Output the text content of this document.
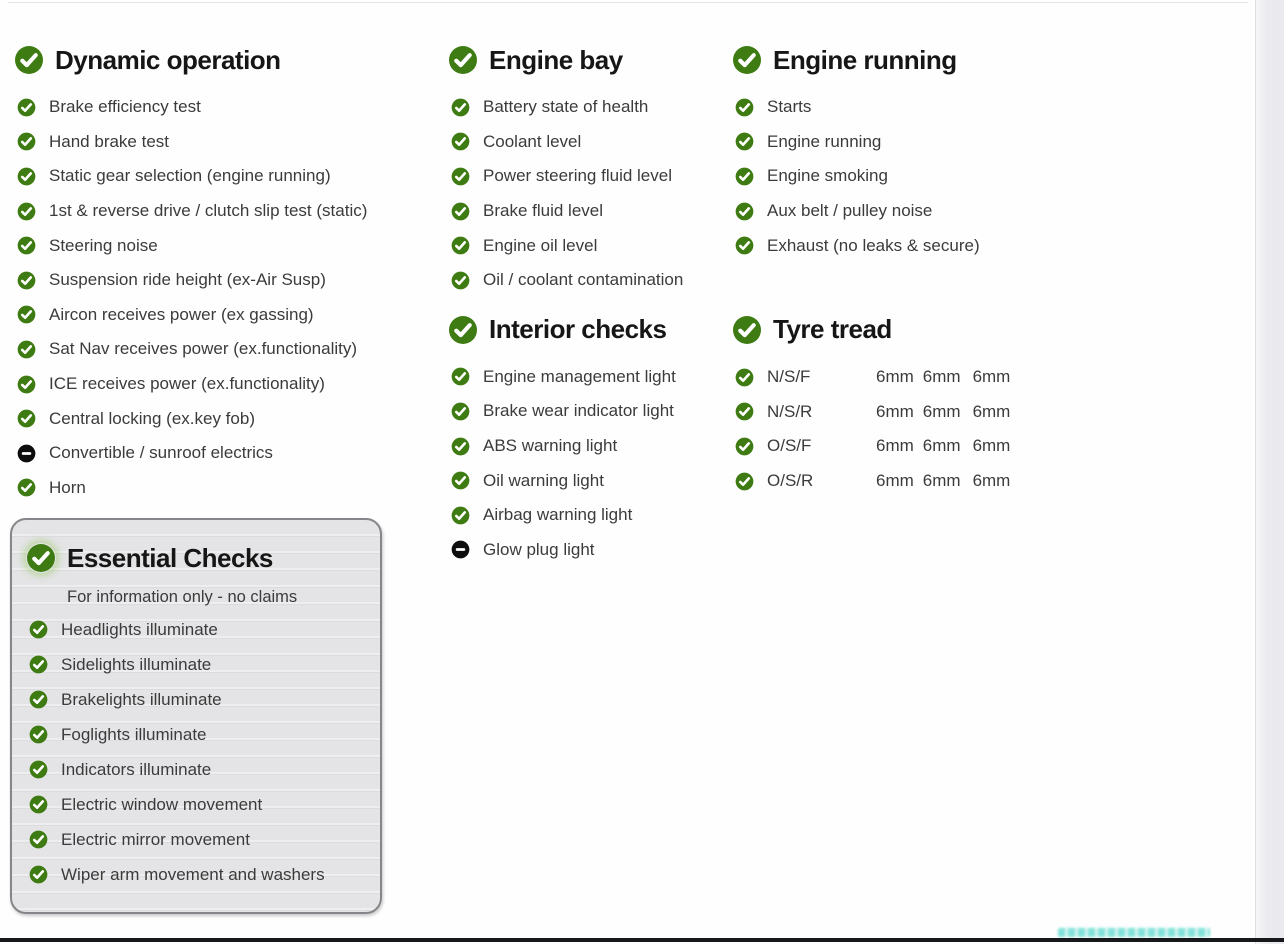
Dynamic operation
Brake efficiency test
Hand brake test
Static gear selection (engine running)
1st & reverse drive / clutch slip test (static)
Steering noise
Suspension ride height (ex-Air Susp)
Aircon receives power (ex gassing)
Sat Nav receives power (ex.functionality)
ICE receives power (ex.functionality)
Central locking (ex.key fob)
Convertible / sunroof electrics
Horn
Essential Checks
For information only - no claims
Headlights illuminate
Sidelights illuminate
Brakelights illuminate
Foglights illuminate
Indicators illuminate
Electric window movement
Electric mirror movement
Wiper arm movement and washers
Engine bay
Battery state of health
Coolant level
Power steering fluid level
Brake fluid level
Engine oil level
Oil / coolant contamination
Interior checks
Engine management light
Brake wear indicator light
ABS warning light
Oil warning light
Airbag warning light
Glow plug light
Engine running
Starts
Engine running
Engine smoking
Aux belt / pulley noise
Exhaust (no leaks & secure)
Tyre tread
N/S/F	6mm 6mm 6mm
N/S/R	6mm 6mm 6mm
O/S/F	6mm 6mm 6mm
O/S/R	6mm 6mm 6mm
